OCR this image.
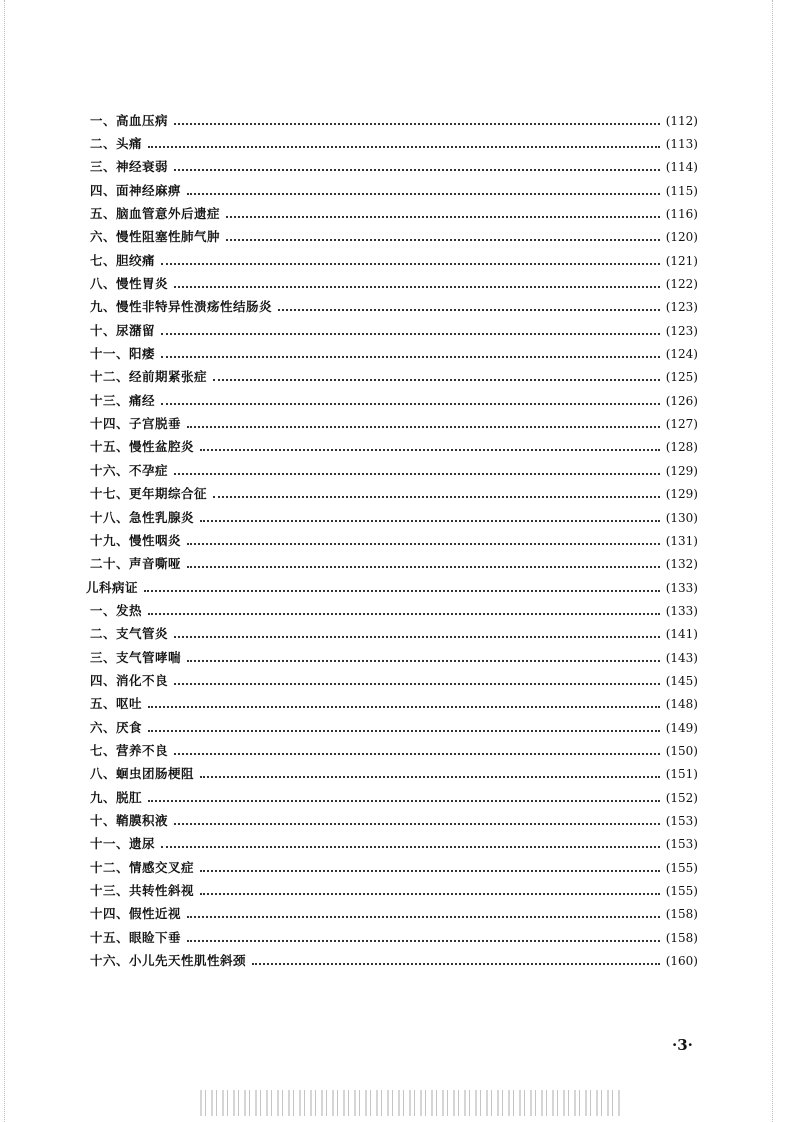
一、高血压病	(112)
二、头痛	(113)
三、神经衰弱	(114)
四、面神经麻痹	(115)
五、脑血管意外后遗症	(116)
六、慢性阻塞性肺气肿	(120)
七、胆绞痛	(121)
八、慢性胃炎	(122)
九、慢性非特异性溃疡性结肠炎	(123)
十、尿潴留	(123)
十一、阳痿	(124)
十二、经前期紧张症	(125)
十三、痛经	(126)
十四、子宫脱垂	(127)
十五、慢性盆腔炎	(128)
十六、不孕症	(129)
十七、更年期综合征	(129)
十八、急性乳腺炎	(130)
十九、慢性咽炎	(131)
二十、声音嘶哑	(132)
儿科病证	(133)
一、发热	(133)
二、支气管炎	(141)
三、支气管哮喘	(143)
四、消化不良	(145)
五、呕吐	(148)
六、厌食	(149)
七、营养不良	(150)
八、蛔虫团肠梗阻	(151)
九、脱肛	(152)
十、鞘膜积液	(153)
十一、遗尿	(153)
十二、情感交叉症	(155)
十三、共转性斜视	(155)
十四、假性近视	(158)
十五、眼睑下垂	(158)
十六、小儿先天性肌性斜颈	(160)
·3·
